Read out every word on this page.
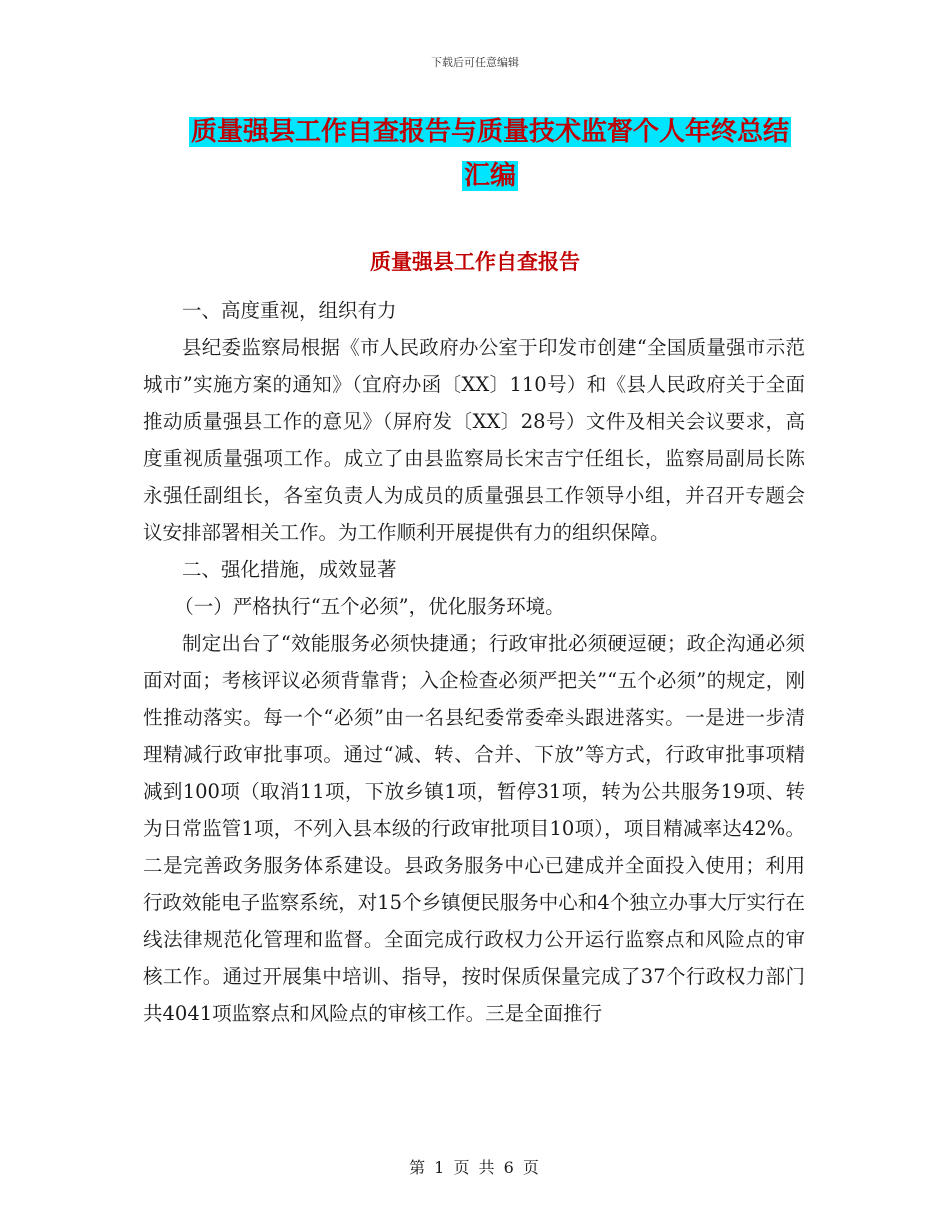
下载后可任意编辑
质量强县工作自查报告与质量技术监督个人年终总结
汇编
质量强县工作自查报告

一、高度重视，组织有力

县纪委监察局根据《市人民政府办公室于印发市创建“全国质量强市示范城市”实施方案的通知》（宜府办函〔XX〕110号）和《县人民政府关于全面推动质量强县工作的意见》（屏府发〔XX〕28号）文件及相关会议要求，高度重视质量强项工作。成立了由县监察局长宋吉宁任组长，监察局副局长陈永强任副组长，各室负责人为成员的质量强县工作领导小组，并召开专题会议安排部署相关工作。为工作顺利开展提供有力的组织保障。

二、强化措施，成效显著

（一）严格执行“五个必须”，优化服务环境。

制定出台了“效能服务必须快捷通；行政审批必须硬逗硬；政企沟通必须面对面；考核评议必须背靠背；入企检查必须严把关”“五个必须”的规定，刚性推动落实。每一个“必须”由一名县纪委常委牵头跟进落实。一是进一步清理精减行政审批事项。通过“减、转、合并、下放”等方式，行政审批事项精减到100项（取消11项，下放乡镇1项，暂停31项，转为公共服务19项、转为日常监管1项，不列入县本级的行政审批项目10项），项目精减率达42%。二是完善政务服务体系建设。县政务服务中心已建成并全面投入使用；利用行政效能电子监察系统，对15个乡镇便民服务中心和4个独立办事大厅实行在线法律规范化管理和监督。全面完成行政权力公开运行监察点和风险点的审核工作。通过开展集中培训、指导，按时保质保量完成了37个行政权力部门共4041项监察点和风险点的审核工作。三是全面推行

第 1 页 共 6 页
